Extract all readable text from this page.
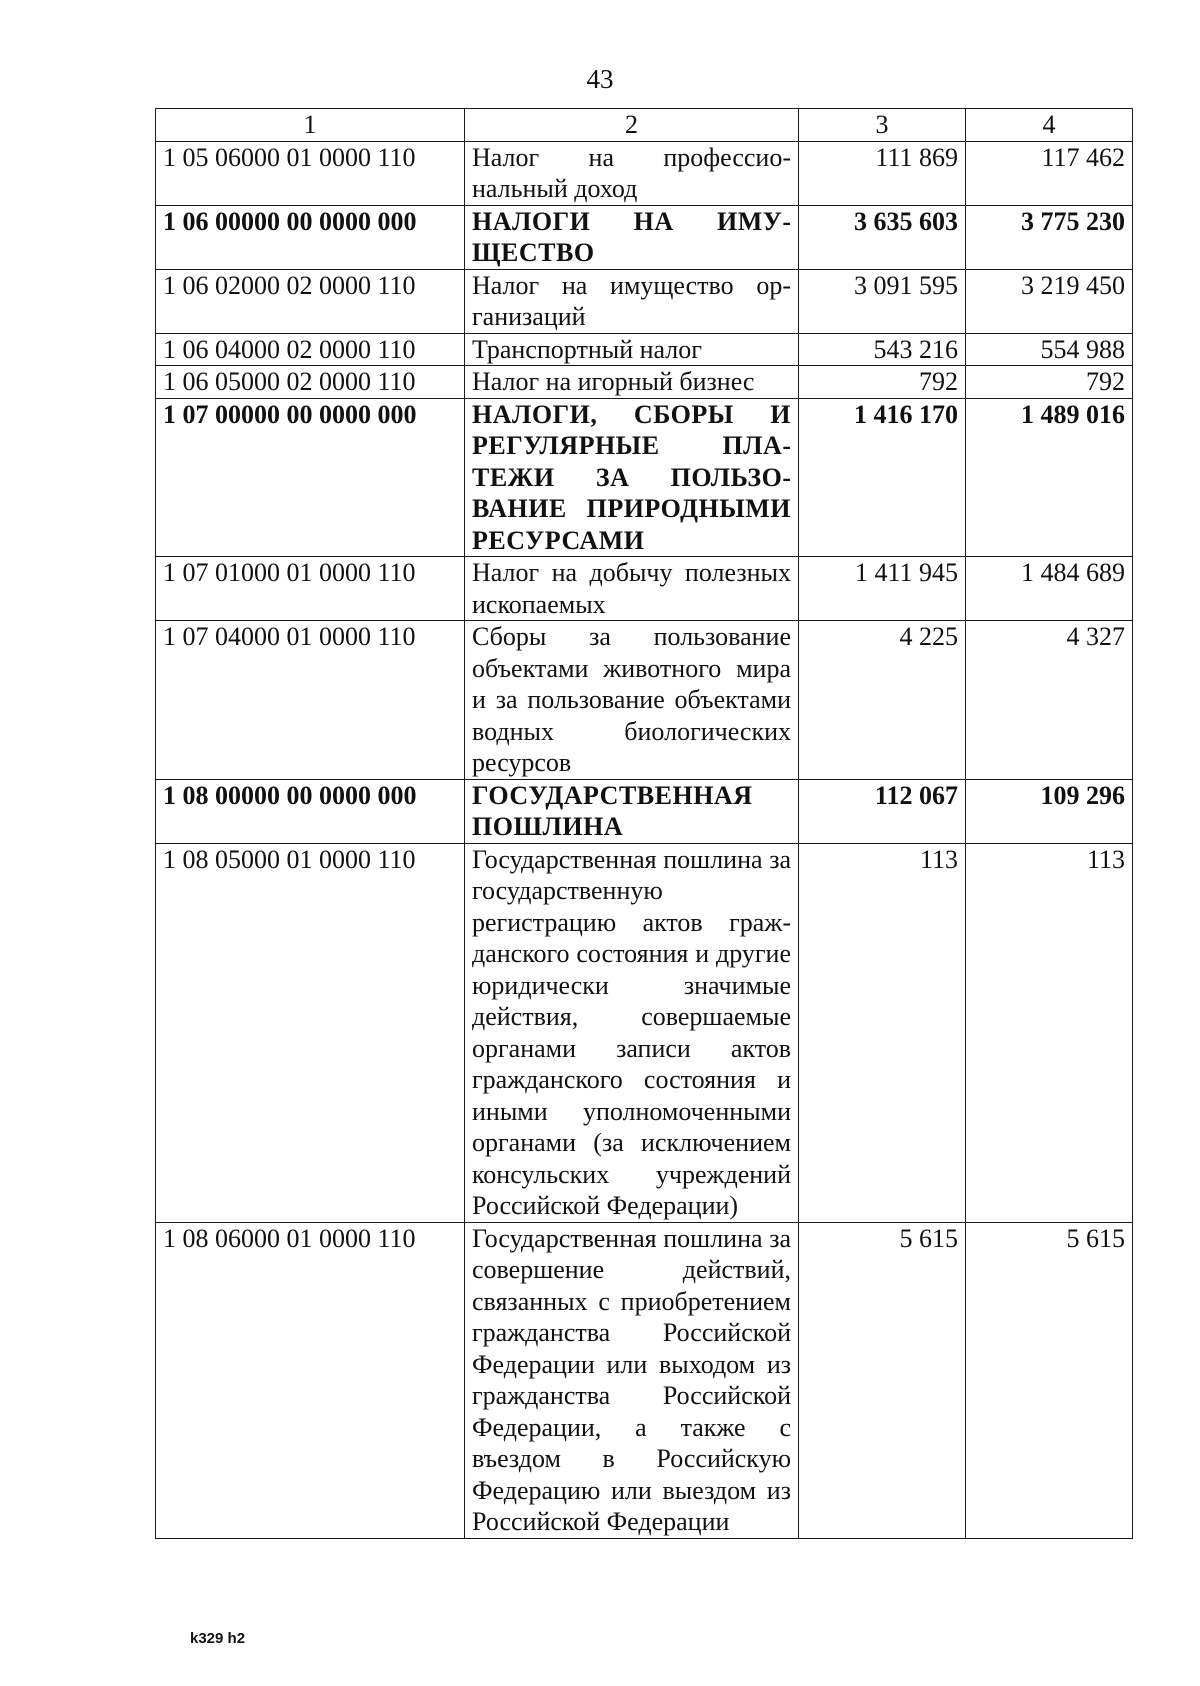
43
1	2	3	4
1 05 06000 01 0000 110	Налог на профессиональный доход	111 869	117 462
1 06 00000 00 0000 000	НАЛОГИ НА ИМУЩЕСТВО	3 635 603	3 775 230
1 06 02000 02 0000 110	Налог на имущество организаций	3 091 595	3 219 450
1 06 04000 02 0000 110	Транспортный налог	543 216	554 988
1 06 05000 02 0000 110	Налог на игорный бизнес	792	792
1 07 00000 00 0000 000	НАЛОГИ, СБОРЫ И РЕГУЛЯРНЫЕ ПЛАТЕЖИ ЗА ПОЛЬЗОВАНИЕ ПРИРОДНЫМИ РЕСУРСАМИ	1 416 170	1 489 016
1 07 01000 01 0000 110	Налог на добычу полезных ископаемых	1 411 945	1 484 689
1 07 04000 01 0000 110	Сборы за пользование объектами животного мира и за пользование объектами водных биологических ресурсов	4 225	4 327
1 08 00000 00 0000 000	ГОСУДАРСТВЕННАЯ ПОШЛИНА	112 067	109 296
1 08 05000 01 0000 110	Государственная пошлина за государственную регистрацию актов гражданского состояния и другие юридически значимые действия, совершаемые органами записи актов гражданского состояния и иными уполномоченными органами (за исключением консульских учреждений Российской Федерации)	113	113
1 08 06000 01 0000 110	Государственная пошлина за совершение действий, связанных с приобретением гражданства Российской Федерации или выходом из гражданства Российской Федерации, а также с въездом в Российскую Федерацию или выездом из Российской Федерации	5 615	5 615
k329 h2
